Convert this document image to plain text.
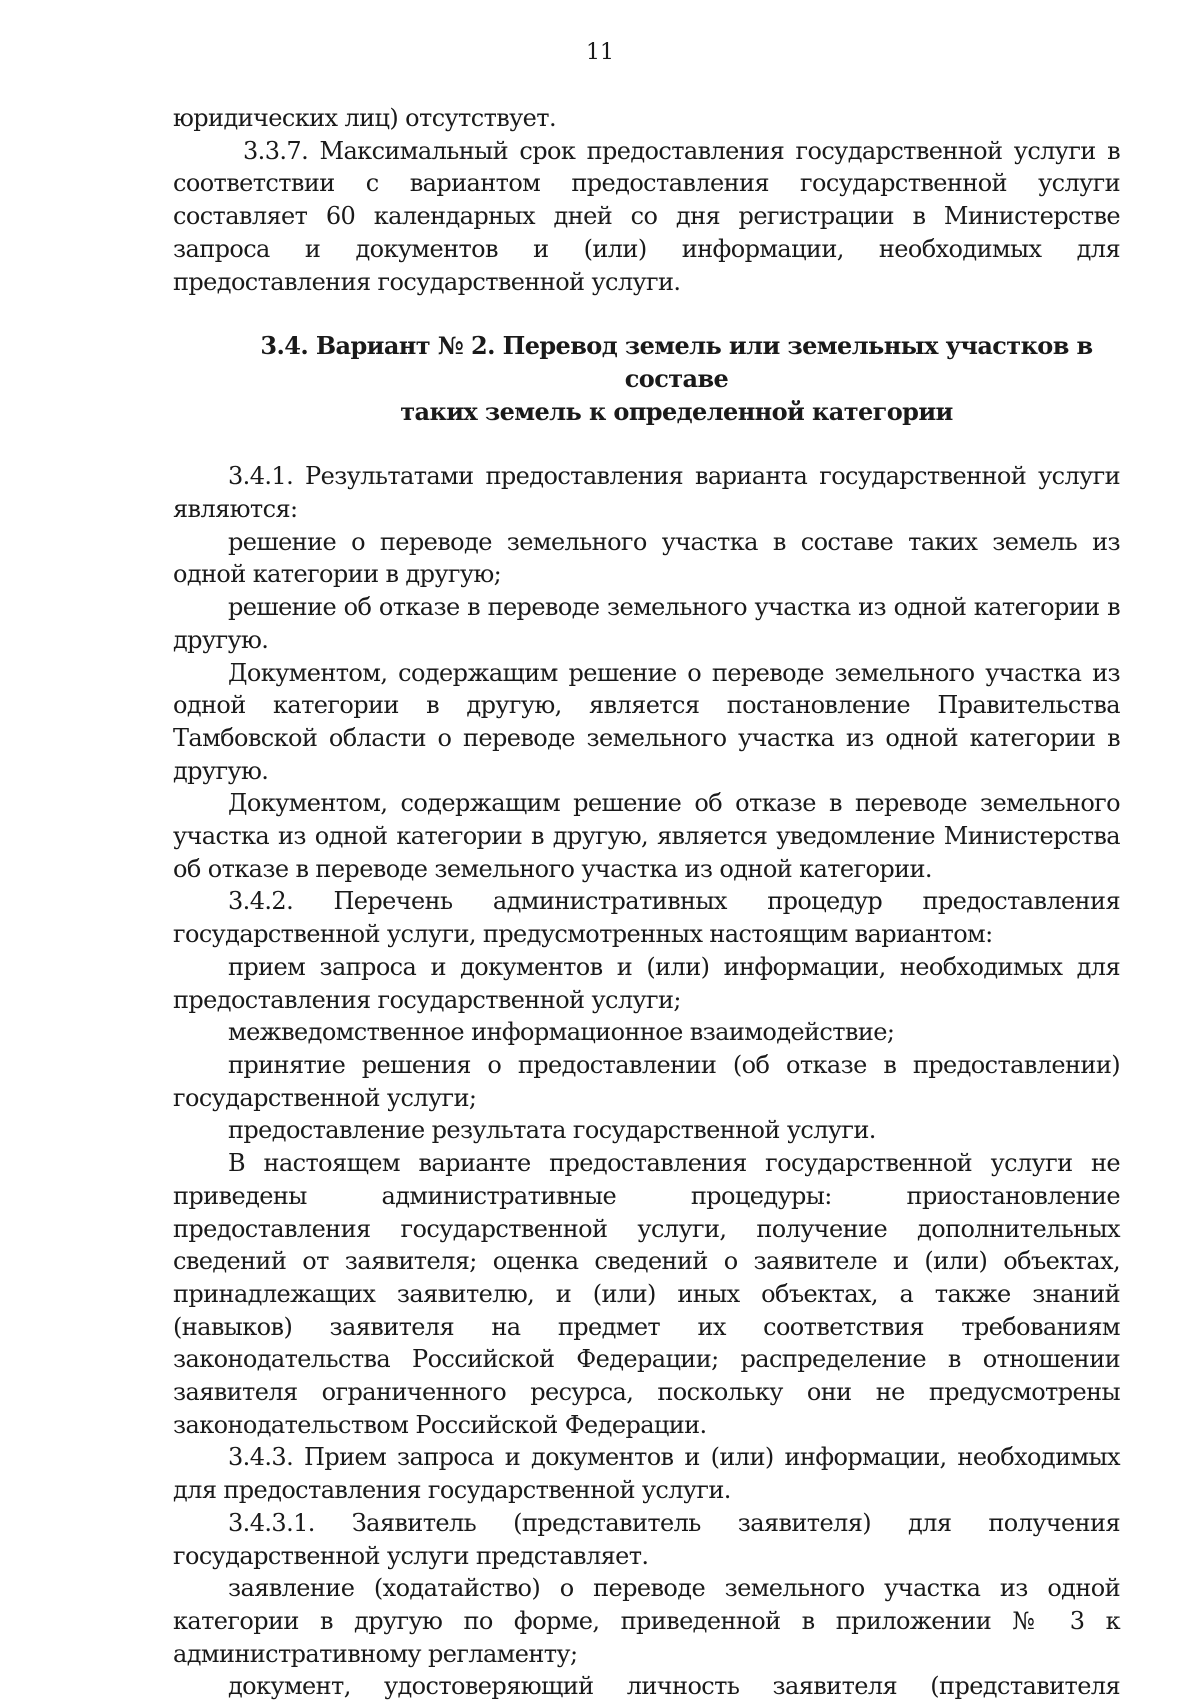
11

юридических лиц) отсутствует.

3.3.7. Максимальный срок предоставления государственной услуги в соответствии с вариантом предоставления государственной услуги составляет 60 календарных дней со дня регистрации в Министерстве запроса и документов и (или) информации, необходимых для предоставления государственной услуги.

3.4. Вариант № 2. Перевод земель или земельных участков в составе
таких земель к определенной категории

3.4.1. Результатами предоставления варианта государственной услуги являются:

решение о переводе земельного участка в составе таких земель из одной категории в другую;

решение об отказе в переводе земельного участка из одной категории в другую.

Документом, содержащим решение о переводе земельного участка из одной категории в другую, является постановление Правительства Тамбовской области о переводе земельного участка из одной категории в другую.

Документом, содержащим решение об отказе в переводе земельного участка из одной категории в другую, является уведомление Министерства об отказе в переводе земельного участка из одной категории.

3.4.2. Перечень административных процедур предоставления государственной услуги, предусмотренных настоящим вариантом:

прием запроса и документов и (или) информации, необходимых для предоставления государственной услуги;

межведомственное информационное взаимодействие;

принятие решения о предоставлении (об отказе в предоставлении) государственной услуги;

предоставление результата государственной услуги.

В настоящем варианте предоставления государственной услуги не приведены административные процедуры: приостановление предоставления государственной услуги, получение дополнительных сведений от заявителя; оценка сведений о заявителе и (или) объектах, принадлежащих заявителю, и (или) иных объектах, а также знаний (навыков) заявителя на предмет их соответствия требованиям законодательства Российской Федерации; распределение в отношении заявителя ограниченного ресурса, поскольку они не предусмотрены законодательством Российской Федерации.

3.4.3. Прием запроса и документов и (или) информации, необходимых для предоставления государственной услуги.

3.4.3.1. Заявитель (представитель заявителя) для получения государственной услуги представляет.

заявление (ходатайство) о переводе земельного участка из одной категории в другую по форме, приведенной в приложении № 3 к административному регламенту;

документ, удостоверяющий личность заявителя (представителя
